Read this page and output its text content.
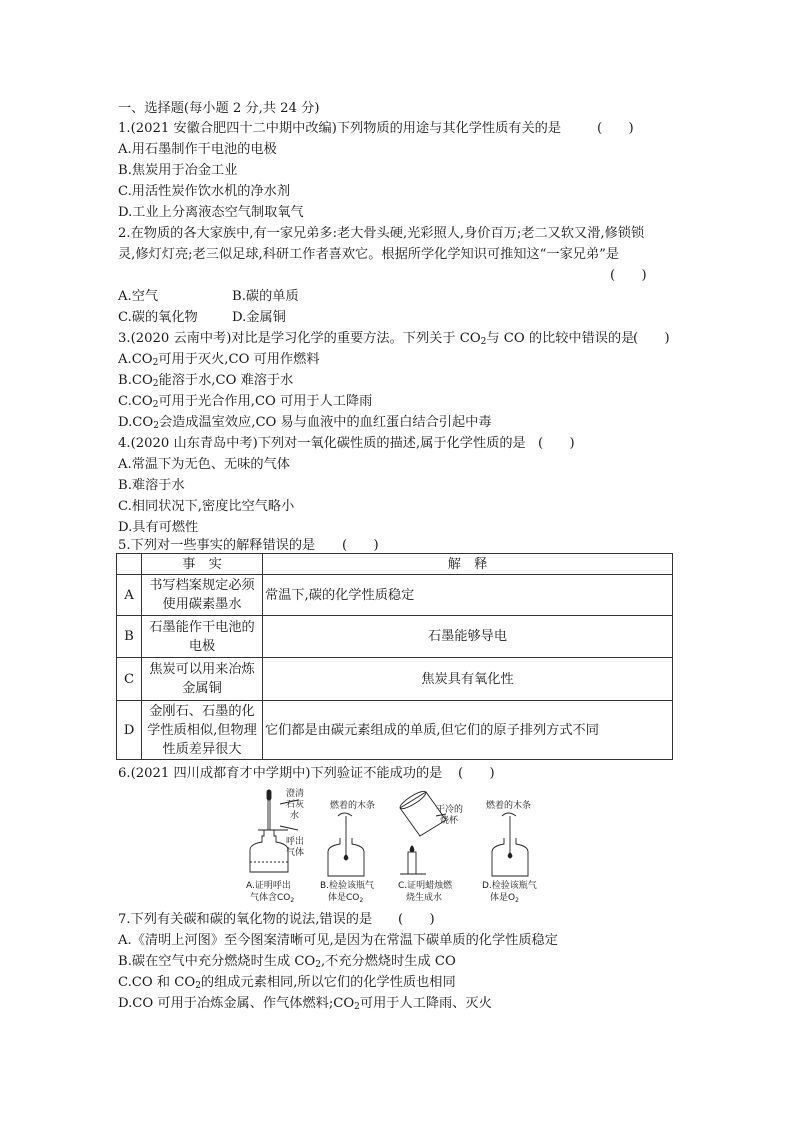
一、选择题(每小题 2 分,共 24 分)
1.(2021 安徽合肥四十二中期中改编)下列物质的用途与其化学性质有关的是	(　　)
A.用石墨制作干电池的电极
B.焦炭用于冶金工业
C.用活性炭作饮水机的净水剂
D.工业上分离液态空气制取氧气
2.在物质的各大家族中,有一家兄弟多:老大骨头硬,光彩照人,身价百万;老二又软又滑,修锁锁
灵,修灯灯亮;老三似足球,科研工作者喜欢它。根据所学化学知识可推知这“一家兄弟”是
(　　)
A.空气	B.碳的单质
C.碳的氧化物	D.金属铜
3.(2020 云南中考)对比是学习化学的重要方法。下列关于 $CO_2$与 CO 的比较中错误的是
(　　)
$A.CO_2$可用于灭火,CO 可用作燃料
$B.CO_2$能溶于水,CO 难溶于水
$C.CO_2$可用于光合作用,CO 可用于人工降雨
$D.CO_2$会造成温室效应,CO 易与血液中的血红蛋白结合引起中毒
4.(2020 山东青岛中考)下列对一氧化碳性质的描述,属于化学性质的是 (　　)
A.常温下为无色、无味的气体
B.难溶于水
C.相同状况下,密度比空气略小
D.具有可燃性
5.下列对一些事实的解释错误的是 (　　)
	事　实	解　释
A	书写档案规定必须
使用碳素墨水	常温下,碳的化学性质稳定
B	石墨能作干电池的
电极	石墨能够导电
C	焦炭可以用来冶炼
金属铜	焦炭具有氧化性
D	金刚石、石墨的化
学性质相似,但物理
性质差异很大	它们都是由碳元素组成的单质,但它们的原子排列方式不同
6.(2021 四川成都育才中学期中)下列验证不能成功的是 (　　)
澄清
石灰
水
呼出
气体
燃着的木条	干冷的
烧杯
燃着的木条
A.证明呼出
气体含$CO_2$
B.检验该瓶气
体是$CO_2$
C.证明蜡烛燃
烧生成水
D.检验该瓶气
体是$O_2$
7.下列有关碳和碳的氧化物的说法,错误的是 (　　)
A.《清明上河图》至今图案清晰可见,是因为在常温下碳单质的化学性质稳定
B.碳在空气中充分燃烧时生成 $CO_2$,不充分燃烧时生成 CO
C.CO 和 $CO_2$的组成元素相同,所以它们的化学性质也相同
D.CO 可用于冶炼金属、作气体燃料$;CO_2$可用于人工降雨、灭火
